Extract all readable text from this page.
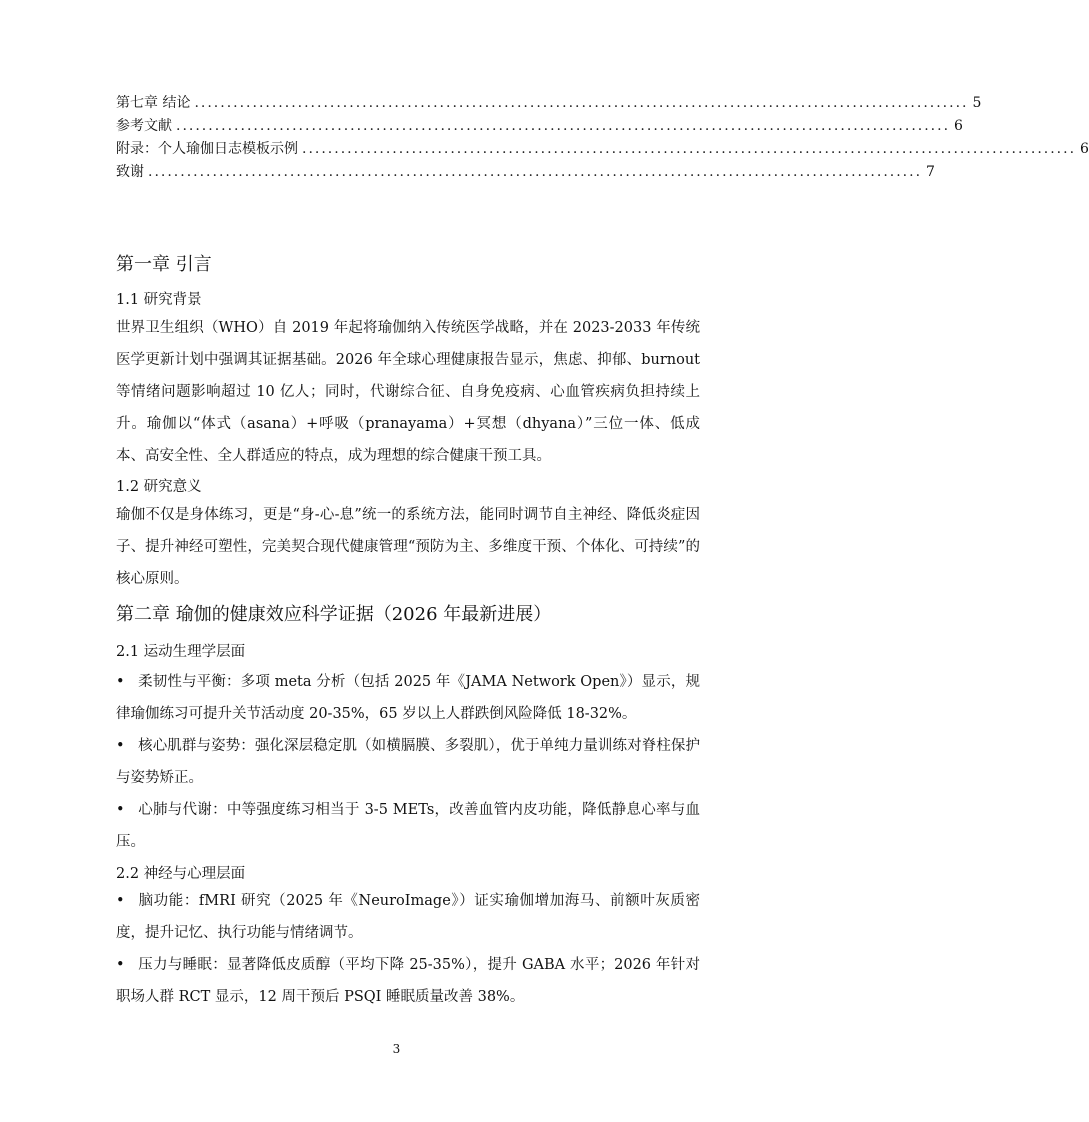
第七章 结论 ........................................................................................................................ 5
参考文献 ........................................................................................................................ 6
附录：个人瑜伽日志模板示例 ........................................................................................................................ 6
致谢 ........................................................................................................................ 7
第一章 引言

1.1 研究背景

世界卫生组织（WHO）自 2019 年起将瑜伽纳入传统医学战略，并在 2023-2033 年传统医学更新计划中强调其证据基础。2026 年全球心理健康报告显示，焦虑、抑郁、burnout 等情绪问题影响超过 10 亿人；同时，代谢综合征、自身免疫病、心血管疾病负担持续上升。瑜伽以“体式（asana）+呼吸（pranayama）+冥想（dhyana）”三位一体、低成本、高安全性、全人群适应的特点，成为理想的综合健康干预工具。

1.2 研究意义

瑜伽不仅是身体练习，更是“身-心-息”统一的系统方法，能同时调节自主神经、降低炎症因子、提升神经可塑性，完美契合现代健康管理“预防为主、多维度干预、个体化、可持续”的核心原则。

第二章 瑜伽的健康效应科学证据（2026 年最新进展）

2.1 运动生理学层面

• 柔韧性与平衡：多项 meta 分析（包括 2025 年《JAMA Network Open》）显示，规律瑜伽练习可提升关节活动度 20-35%，65 岁以上人群跌倒风险降低 18-32%。

• 核心肌群与姿势：强化深层稳定肌（如横膈膜、多裂肌），优于单纯力量训练对脊柱保护与姿势矫正。

• 心肺与代谢：中等强度练习相当于 3-5 METs，改善血管内皮功能，降低静息心率与血压。

2.2 神经与心理层面

• 脑功能：fMRI 研究（2025 年《NeuroImage》）证实瑜伽增加海马、前额叶灰质密度，提升记忆、执行功能与情绪调节。

• 压力与睡眠：显著降低皮质醇（平均下降 25-35%），提升 GABA 水平；2026 年针对职场人群 RCT 显示，12 周干预后 PSQI 睡眠质量改善 38%。

3
